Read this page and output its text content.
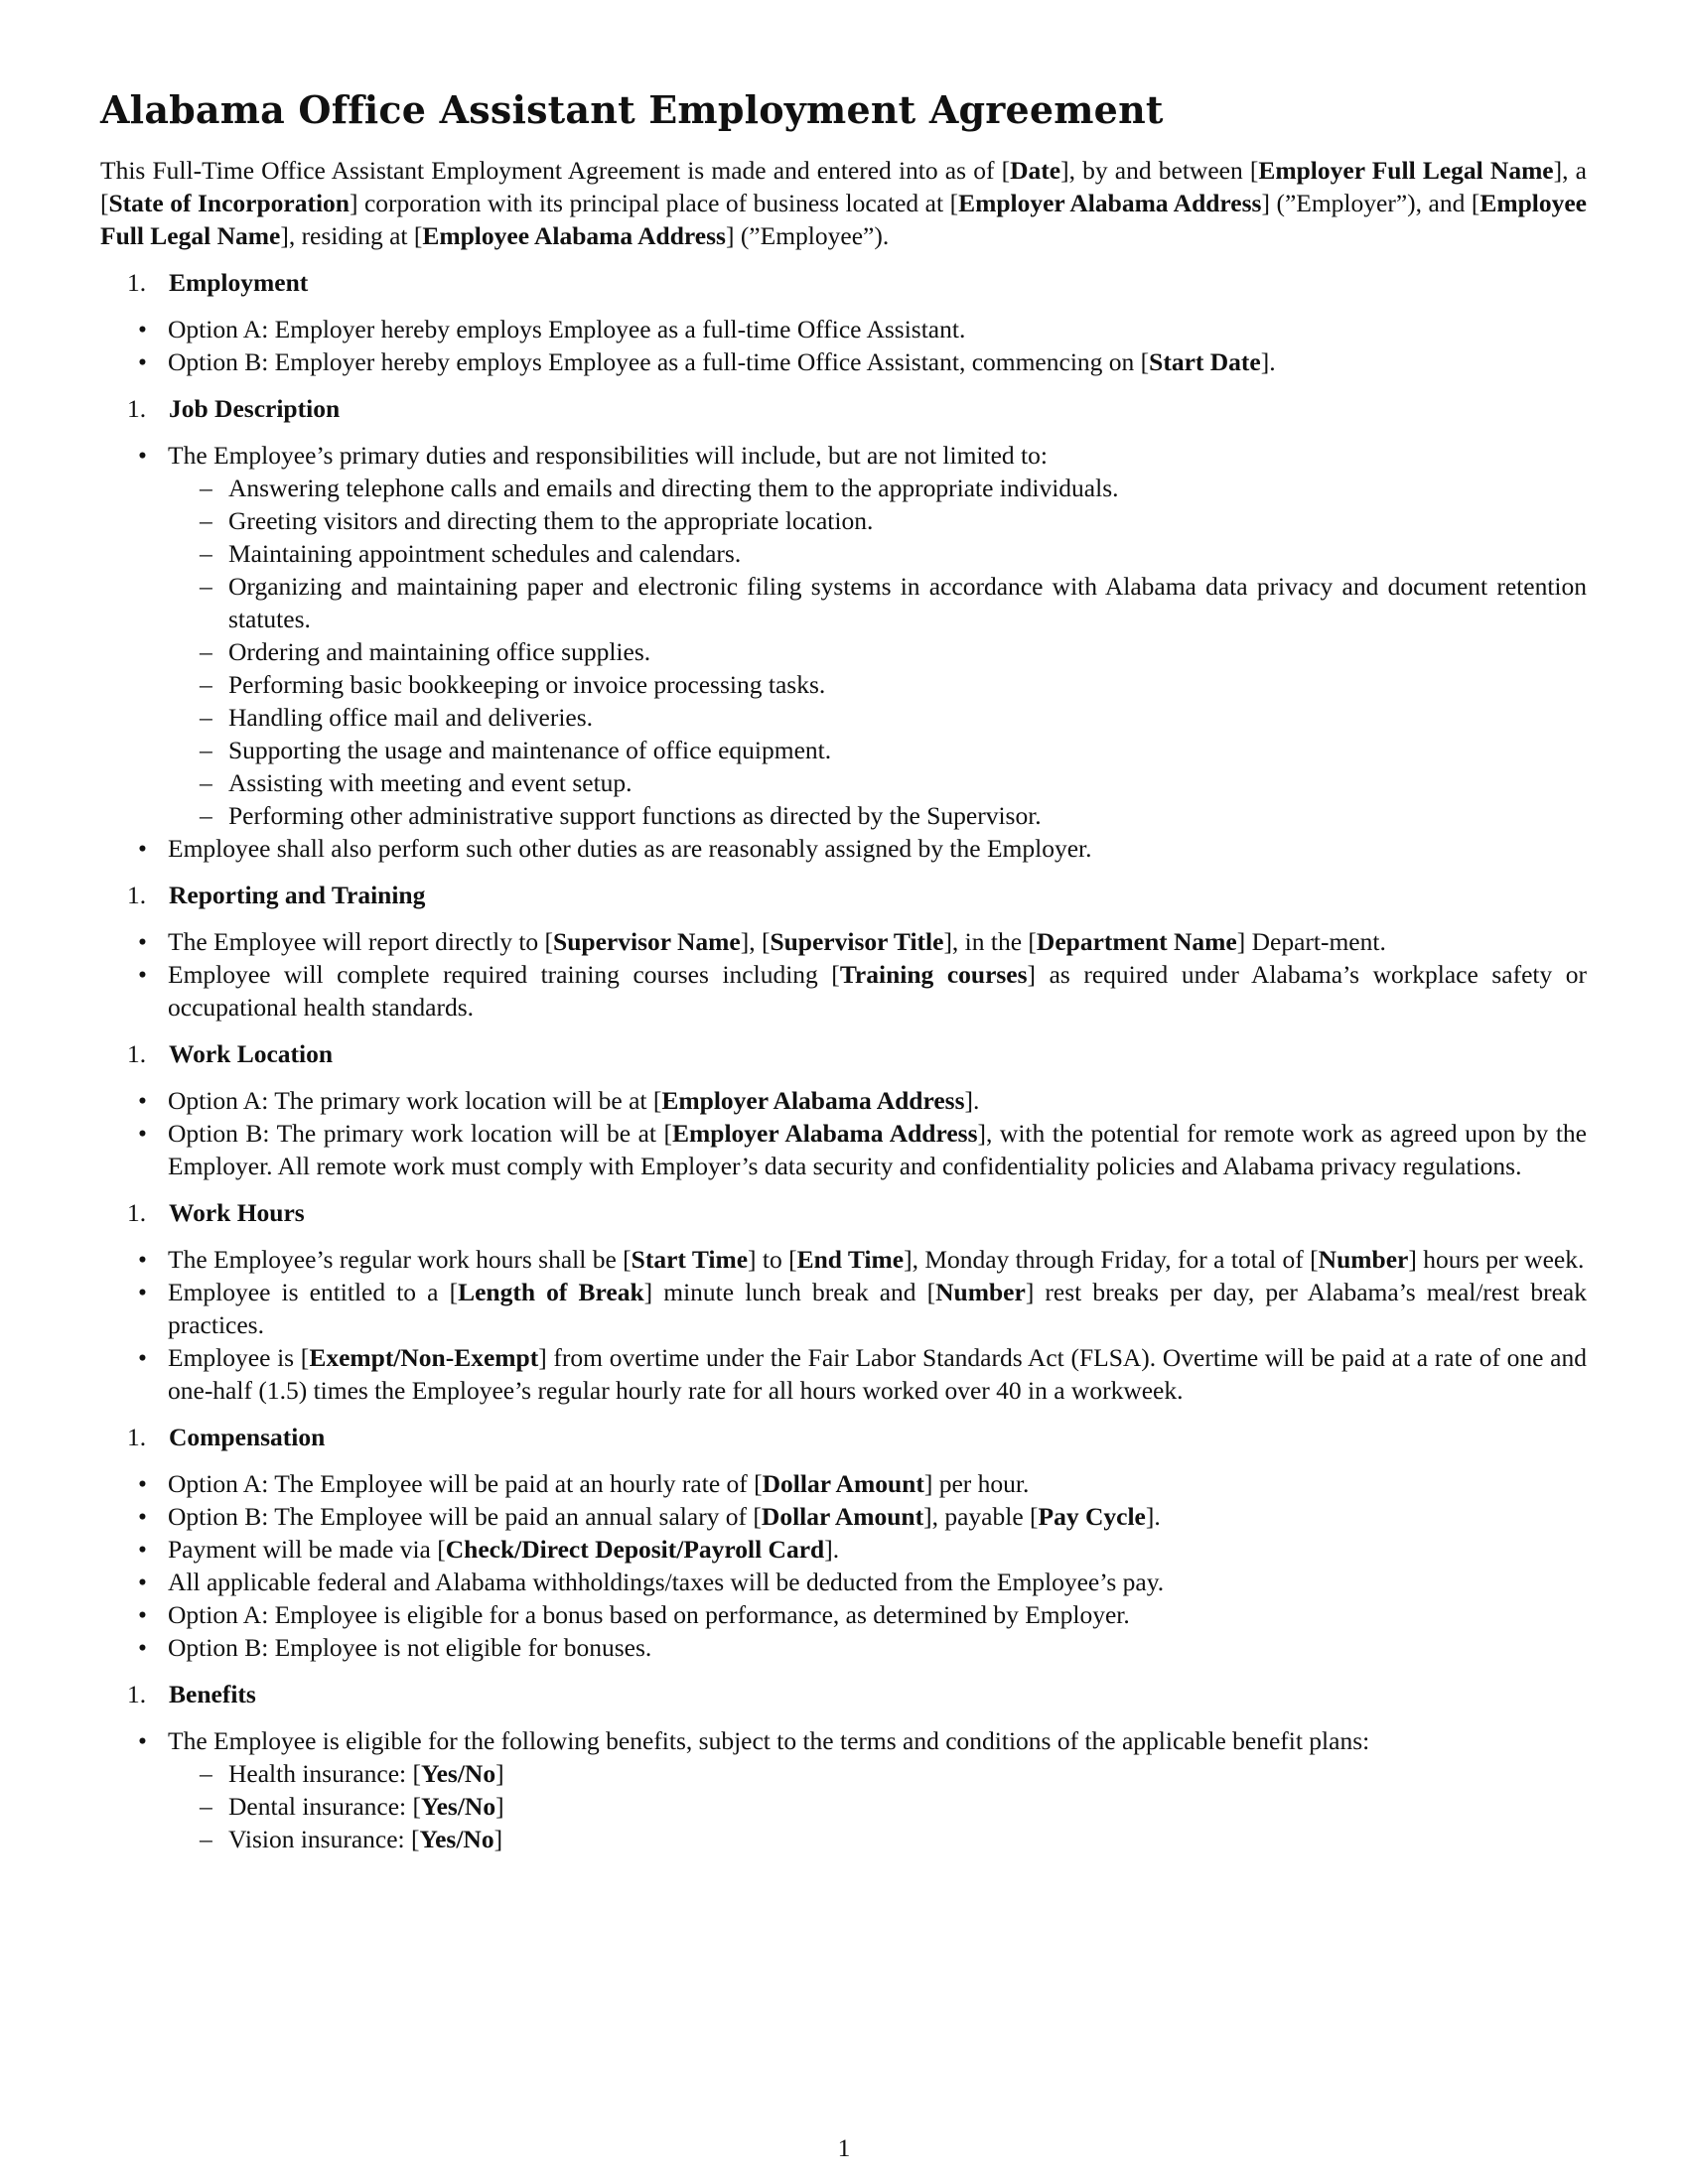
Alabama Office Assistant Employment Agreement

This Full-Time Office Assistant Employment Agreement is made and entered into as of [Date], by and between [Employer Full Legal Name], a [State of Incorporation] corporation with its principal place of business located at [Employer Alabama Address] (”Employer”), and [Employee Full Legal Name], residing at [Employee Alabama Address] (”Employee”).

1. Employment
• Option A: Employer hereby employs Employee as a full-time Office Assistant.
• Option B: Employer hereby employs Employee as a full-time Office Assistant, commencing on [Start Date].
1. Job Description
• The Employee’s primary duties and responsibilities will include, but are not limited to:
– Answering telephone calls and emails and directing them to the appropriate individuals.
– Greeting visitors and directing them to the appropriate location.
– Maintaining appointment schedules and calendars.
– Organizing and maintaining paper and electronic filing systems in accordance with Alabama data privacy and document retention statutes.
– Ordering and maintaining office supplies.
– Performing basic bookkeeping or invoice processing tasks.
– Handling office mail and deliveries.
– Supporting the usage and maintenance of office equipment.
– Assisting with meeting and event setup.
– Performing other administrative support functions as directed by the Supervisor.
• Employee shall also perform such other duties as are reasonably assigned by the Employer.
1. Reporting and Training
• The Employee will report directly to [Supervisor Name], [Supervisor Title], in the [Department Name] Depart-ment.
• Employee will complete required training courses including [Training courses] as required under Alabama’s workplace safety or occupational health standards.
1. Work Location
• Option A: The primary work location will be at [Employer Alabama Address].
• Option B: The primary work location will be at [Employer Alabama Address], with the potential for remote work as agreed upon by the Employer. All remote work must comply with Employer’s data security and confidentiality policies and Alabama privacy regulations.
1. Work Hours
• The Employee’s regular work hours shall be [Start Time] to [End Time], Monday through Friday, for a total of [Number] hours per week.
• Employee is entitled to a [Length of Break] minute lunch break and [Number] rest breaks per day, per Alabama’s meal/rest break practices.
• Employee is [Exempt/Non-Exempt] from overtime under the Fair Labor Standards Act (FLSA). Overtime will be paid at a rate of one and one-half (1.5) times the Employee’s regular hourly rate for all hours worked over 40 in a workweek.
1. Compensation
• Option A: The Employee will be paid at an hourly rate of [Dollar Amount] per hour.
• Option B: The Employee will be paid an annual salary of [Dollar Amount], payable [Pay Cycle].
• Payment will be made via [Check/Direct Deposit/Payroll Card].
• All applicable federal and Alabama withholdings/taxes will be deducted from the Employee’s pay.
• Option A: Employee is eligible for a bonus based on performance, as determined by Employer.
• Option B: Employee is not eligible for bonuses.
1. Benefits
• The Employee is eligible for the following benefits, subject to the terms and conditions of the applicable benefit plans:
– Health insurance: [Yes/No]
– Dental insurance: [Yes/No]
– Vision insurance: [Yes/No]
1
